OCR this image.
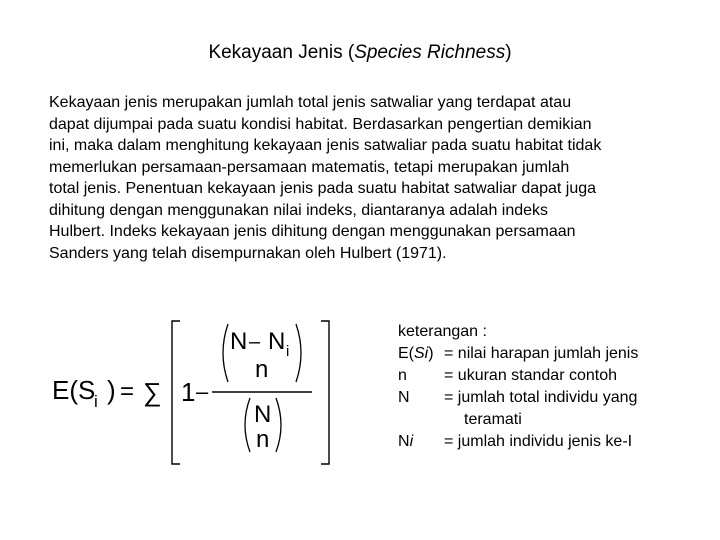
Kekayaan Jenis (Species Richness)
Kekayaan jenis merupakan jumlah total jenis satwaliar yang terdapat atau
dapat dijumpai pada suatu kondisi habitat. Berdasarkan pengertian demikian
ini, maka dalam menghitung kekayaan jenis satwaliar pada suatu habitat tidak
memerlukan persamaan-persamaan matematis, tetapi merupakan jumlah
total jenis. Penentuan kekayaan jenis pada suatu habitat satwaliar dapat juga
dihitung dengan menggunakan nilai indeks, diantaranya adalah indeks
Hulbert. Indeks kekayaan jenis dihitung dengan menggunakan persamaan
Sanders yang telah disempurnakan oleh Hulbert (1971).
E(S
i ) = ∑ 1 –
N – N i
n
N
n
keterangan :
E(Si) = nilai harapan jumlah jenis
n	= ukuran standar contoh
N	= jumlah total individu yang
teramati
Ni	= jumlah individu jenis ke-I
